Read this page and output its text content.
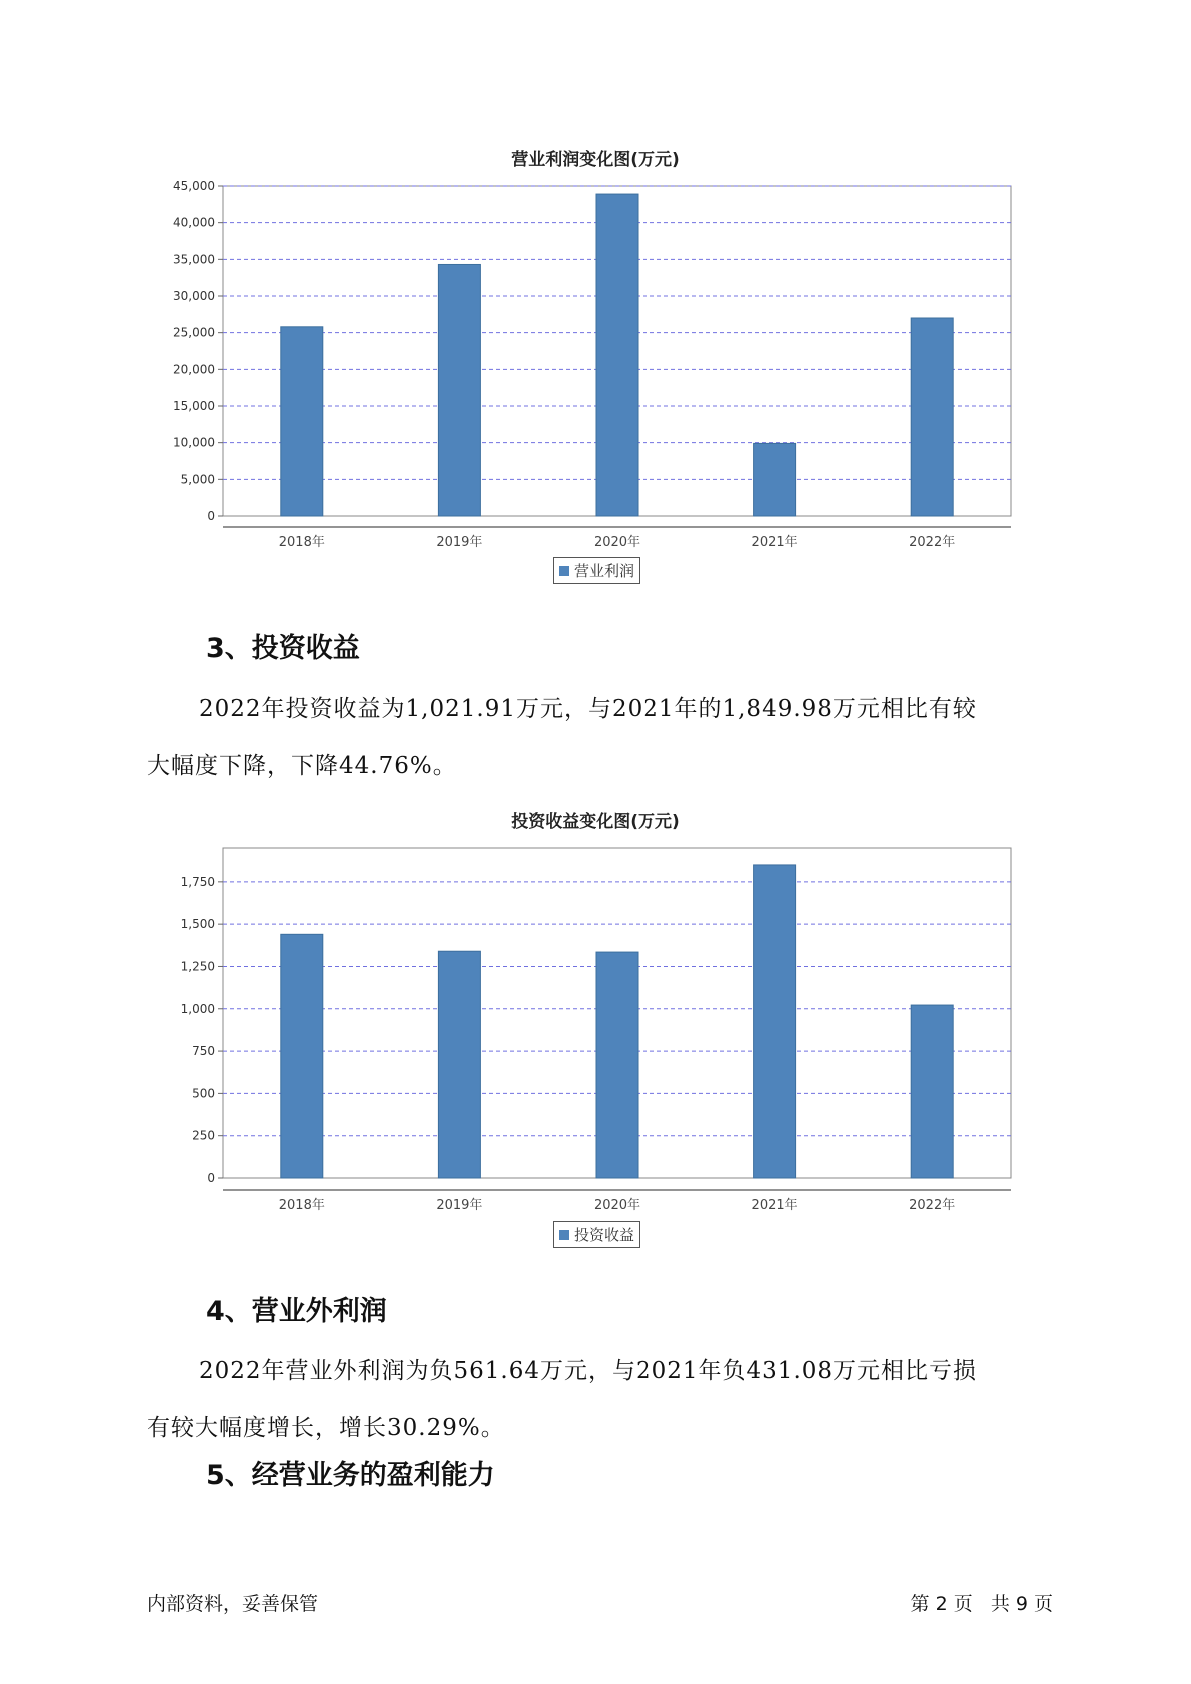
营业利润变化图(万元)
0
5,000
10,000
15,000
20,000
25,000
30,000
35,000
40,000
45,000
2018年	2019年	2020年	2021年	2022年
营业利润
3、投资收益
2022年投资收益为1,021.91万元，与2021年的1,849.98万元相比有较
大幅度下降，下降44.76%。
投资收益变化图(万元)
0
250
500
750
1,000
1,250
1,500
1,750
2018年	2019年	2020年	2021年	2022年
投资收益
4、营业外利润
2022年营业外利润为负561.64万元，与2021年负431.08万元相比亏损
有较大幅度增长，增长30.29%。
5、经营业务的盈利能力
内部资料，妥善保管	第 2 页   共 9 页
